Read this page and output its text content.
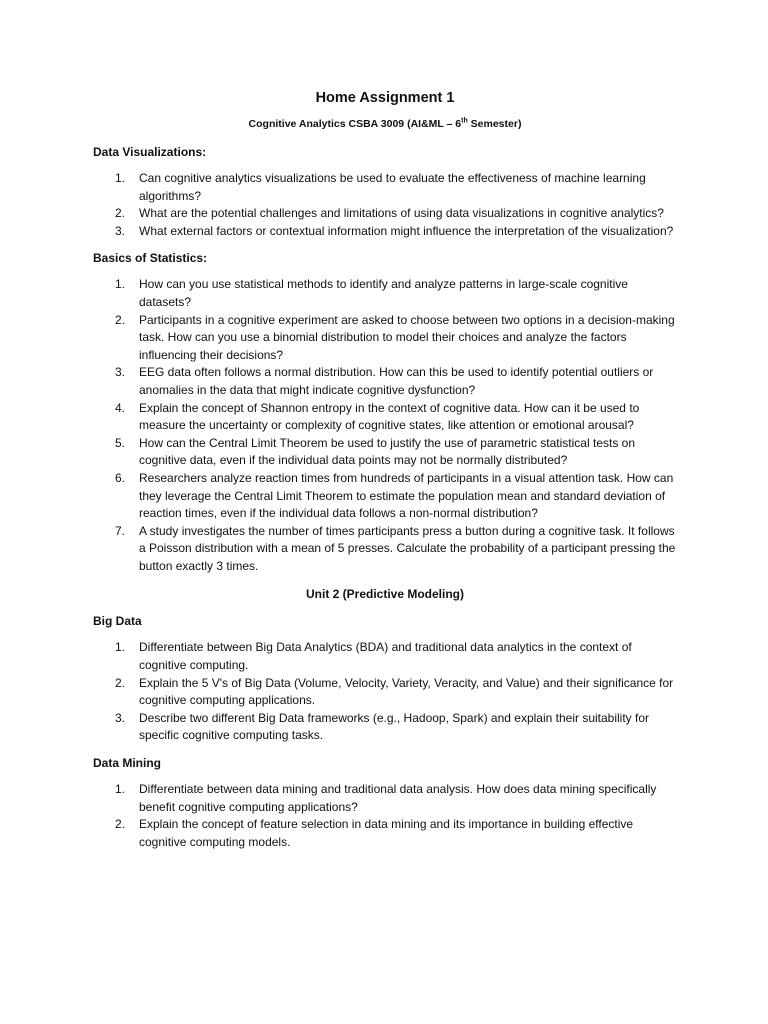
Home Assignment 1
Cognitive Analytics CSBA 3009 (AI&ML – 6th Semester)
Data Visualizations:
1. Can cognitive analytics visualizations be used to evaluate the effectiveness of machine learning algorithms?
2. What are the potential challenges and limitations of using data visualizations in cognitive analytics?
3. What external factors or contextual information might influence the interpretation of the visualization?
Basics of Statistics:
1. How can you use statistical methods to identify and analyze patterns in large-scale cognitive datasets?
2. Participants in a cognitive experiment are asked to choose between two options in a decision-making task. How can you use a binomial distribution to model their choices and analyze the factors influencing their decisions?
3. EEG data often follows a normal distribution. How can this be used to identify potential outliers or anomalies in the data that might indicate cognitive dysfunction?
4. Explain the concept of Shannon entropy in the context of cognitive data. How can it be used to measure the uncertainty or complexity of cognitive states, like attention or emotional arousal?
5. How can the Central Limit Theorem be used to justify the use of parametric statistical tests on cognitive data, even if the individual data points may not be normally distributed?
6. Researchers analyze reaction times from hundreds of participants in a visual attention task. How can they leverage the Central Limit Theorem to estimate the population mean and standard deviation of reaction times, even if the individual data follows a non-normal distribution?
7. A study investigates the number of times participants press a button during a cognitive task. It follows a Poisson distribution with a mean of 5 presses. Calculate the probability of a participant pressing the button exactly 3 times.
Unit 2 (Predictive Modeling)
Big Data
1. Differentiate between Big Data Analytics (BDA) and traditional data analytics in the context of cognitive computing.
2. Explain the 5 V's of Big Data (Volume, Velocity, Variety, Veracity, and Value) and their significance for cognitive computing applications.
3. Describe two different Big Data frameworks (e.g., Hadoop, Spark) and explain their suitability for specific cognitive computing tasks.
Data Mining
1. Differentiate between data mining and traditional data analysis. How does data mining specifically benefit cognitive computing applications?
2. Explain the concept of feature selection in data mining and its importance in building effective cognitive computing models.
